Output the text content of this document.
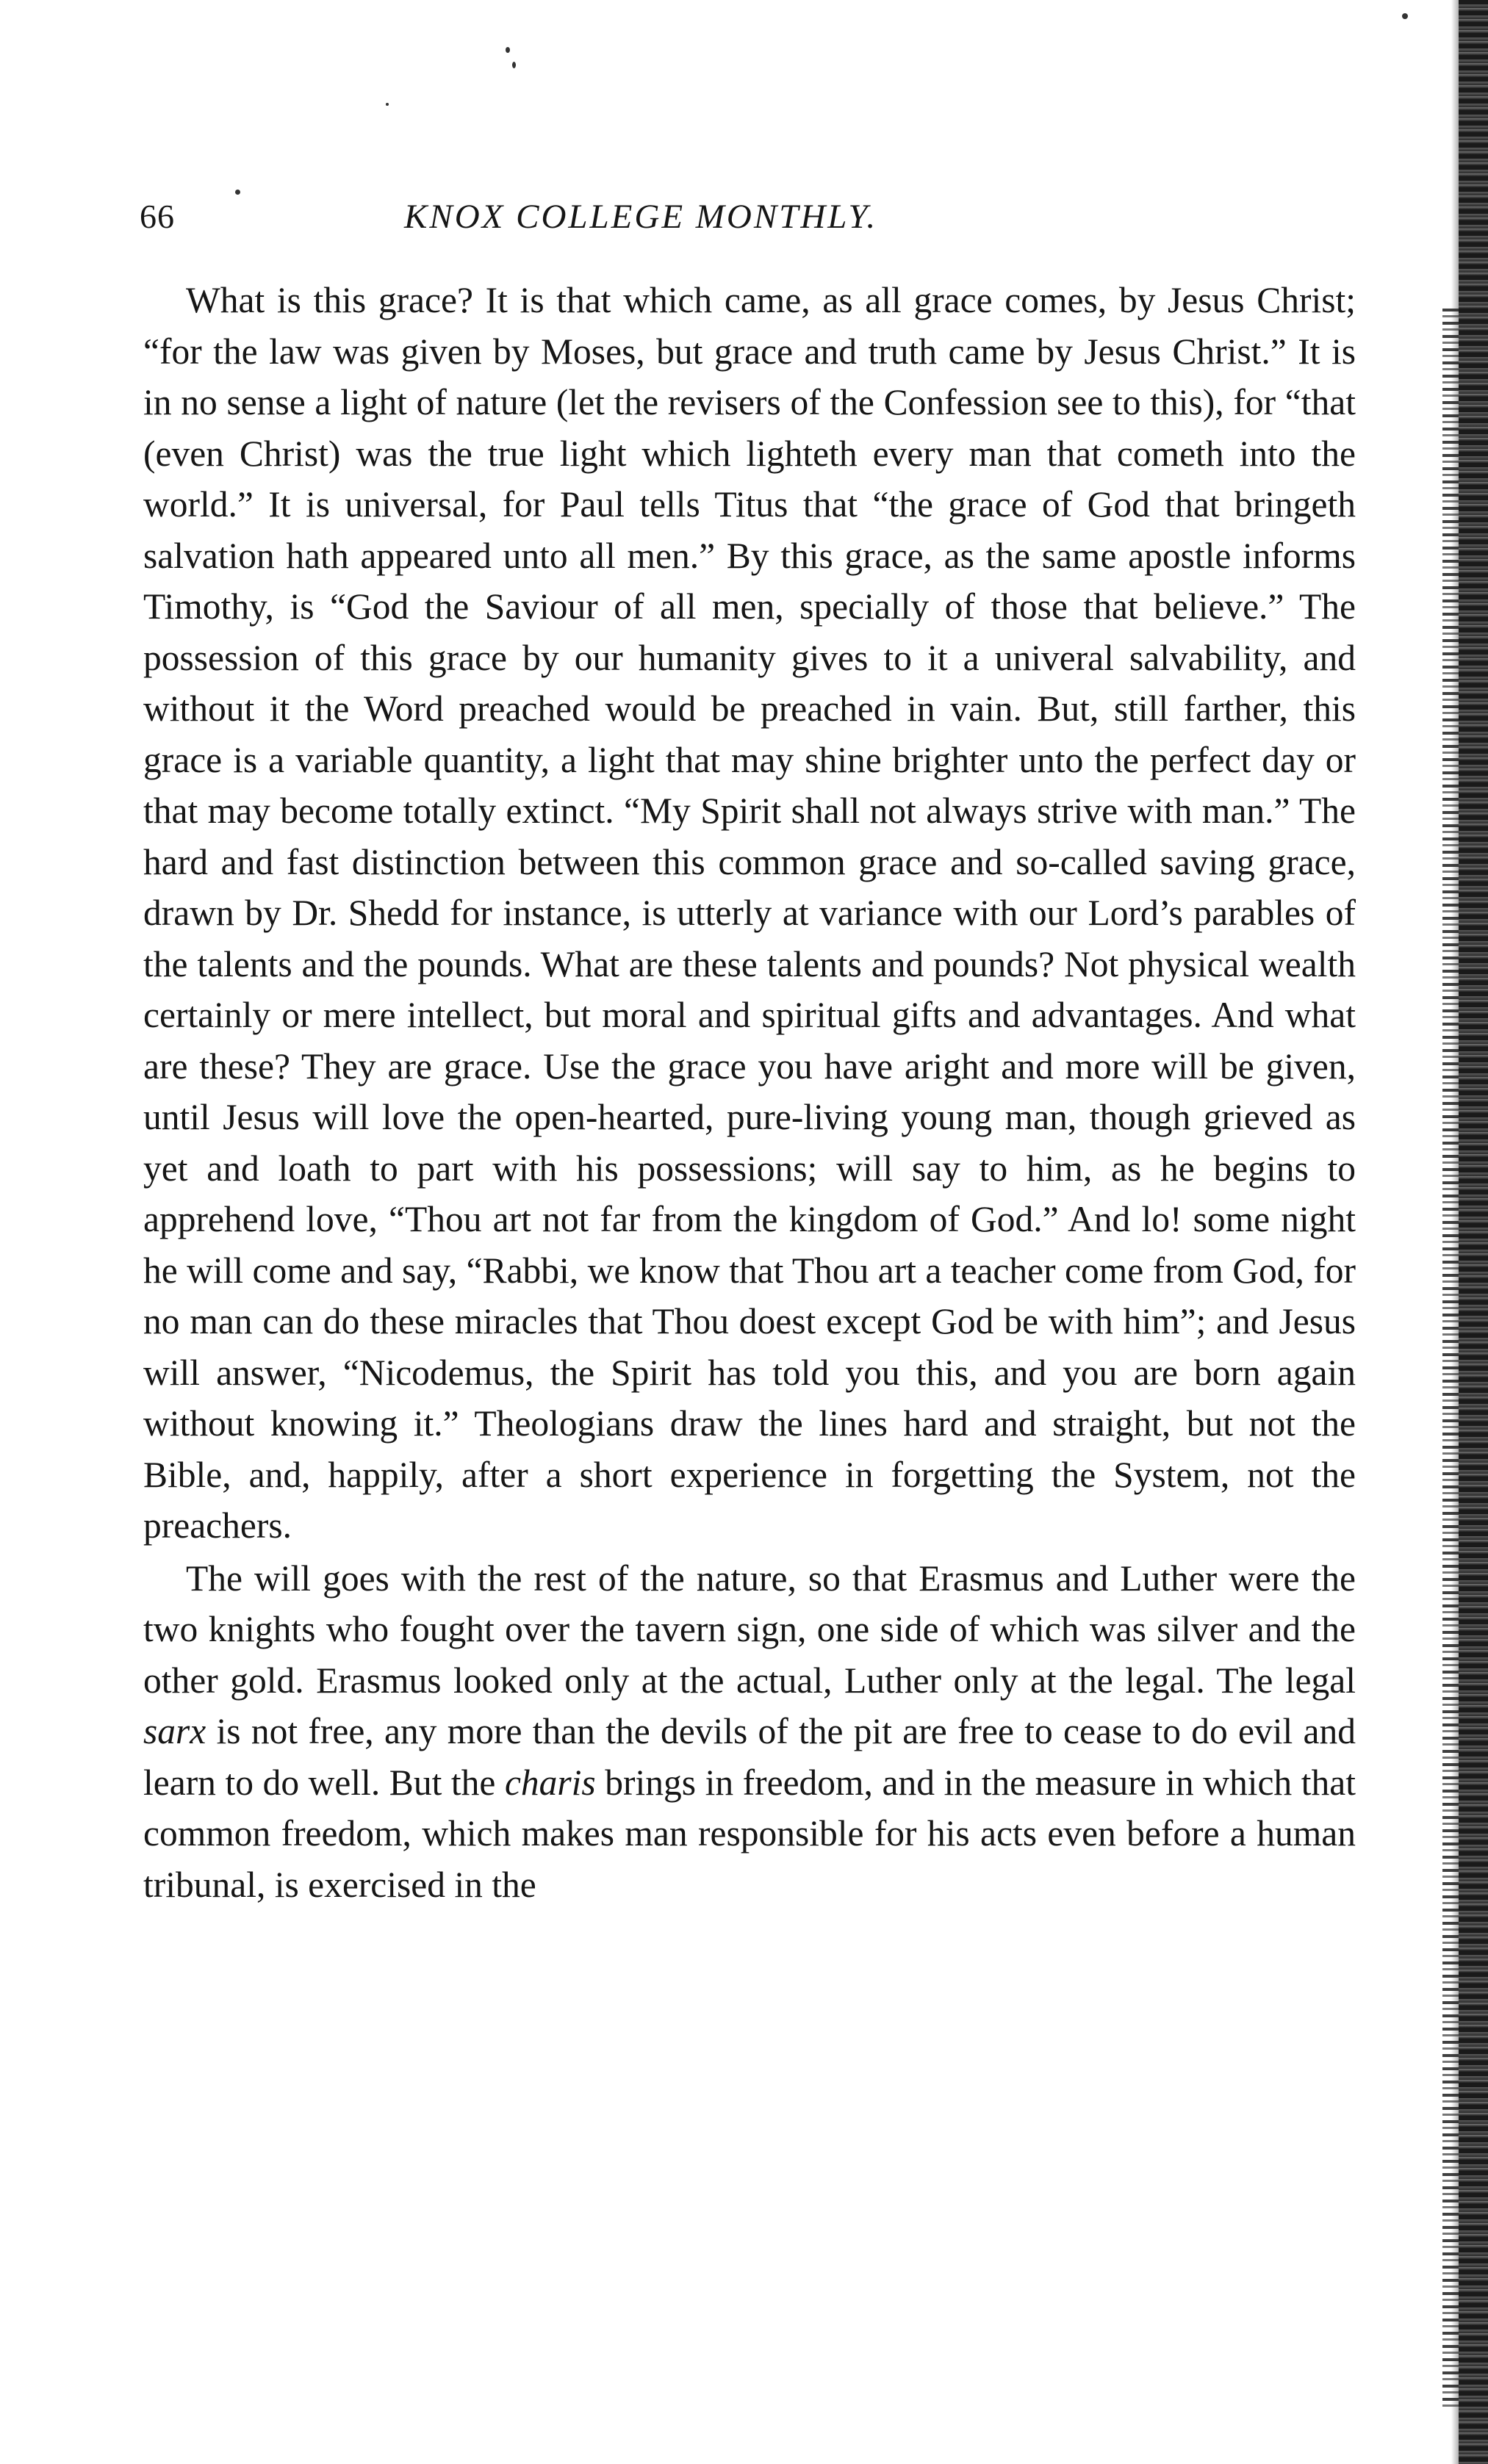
66	KNOX COLLEGE MONTHLY.

What is this grace? It is that which came, as all grace comes, by Jesus Christ; “for the law was given by Moses, but grace and truth came by Jesus Christ.” It is in no sense a light of nature (let the revisers of the Confession see to this), for “that (even Christ) was the true light which lighteth every man that cometh into the world.” It is universal, for Paul tells Titus that “the grace of God that bringeth salvation hath appeared unto all men.” By this grace, as the same apostle informs Timothy, is “God the Saviour of all men, specially of those that believe.” The possession of this grace by our humanity gives to it a univeral salvability, and without it the Word preached would be preached in vain. But, still farther, this grace is a variable quantity, a light that may shine brighter unto the perfect day or that may become totally extinct. “My Spirit shall not always strive with man.” The hard and fast distinction between this common grace and so-called saving grace, drawn by Dr. Shedd for instance, is utterly at variance with our Lord’s parables of the talents and the pounds. What are these talents and pounds? Not physical wealth certainly or mere intellect, but moral and spiritual gifts and advantages. And what are these? They are grace. Use the grace you have aright and more will be given, until Jesus will love the open-hearted, pure-living young man, though grieved as yet and loath to part with his possessions; will say to him, as he begins to apprehend love, “Thou art not far from the kingdom of God.” And lo! some night he will come and say, “Rabbi, we know that Thou art a teacher come from God, for no man can do these miracles that Thou doest except God be with him”; and Jesus will answer, “Nicodemus, the Spirit has told you this, and you are born again without knowing it.” Theologians draw the lines hard and straight, but not the Bible, and, happily, after a short experience in forgetting the System, not the preachers.

The will goes with the rest of the nature, so that Erasmus and Luther were the two knights who fought over the tavern sign, one side of which was silver and the other gold. Erasmus looked only at the actual, Luther only at the legal. The legal sarx is not free, any more than the devils of the pit are free to cease to do evil and learn to do well. But the charis brings in freedom, and in the measure in which that common freedom, which makes man responsible for his acts even before a human tribunal, is exercised in the
